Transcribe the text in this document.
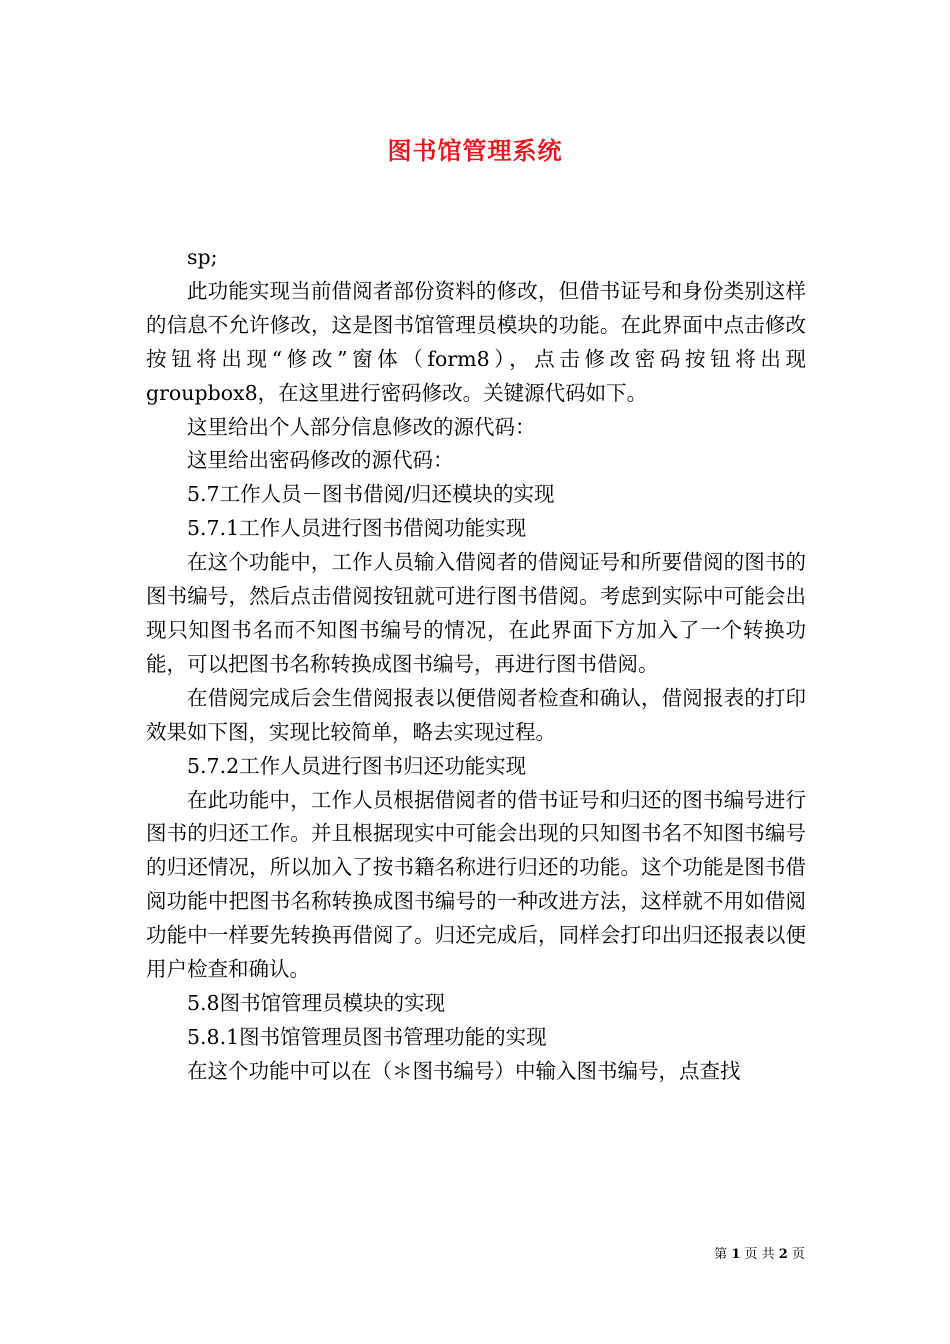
图书馆管理系统

sp;

此功能实现当前借阅者部份资料的修改，但借书证号和身份类别这样的信息不允许修改，这是图书馆管理员模块的功能。在此界面中点击修改按钮将出现“修改”窗体（form8），点击修改密码按钮将出现groupbox8，在这里进行密码修改。关键源代码如下。

这里给出个人部分信息修改的源代码：

这里给出密码修改的源代码：

5.7工作人员－图书借阅/归还模块的实现

5.7.1工作人员进行图书借阅功能实现

在这个功能中，工作人员输入借阅者的借阅证号和所要借阅的图书的图书编号，然后点击借阅按钮就可进行图书借阅。考虑到实际中可能会出现只知图书名而不知图书编号的情况，在此界面下方加入了一个转换功能，可以把图书名称转换成图书编号，再进行图书借阅。

在借阅完成后会生借阅报表以便借阅者检查和确认，借阅报表的打印效果如下图，实现比较简单，略去实现过程。

5.7.2工作人员进行图书归还功能实现

在此功能中，工作人员根据借阅者的借书证号和归还的图书编号进行图书的归还工作。并且根据现实中可能会出现的只知图书名不知图书编号的归还情况，所以加入了按书籍名称进行归还的功能。这个功能是图书借阅功能中把图书名称转换成图书编号的一种改进方法，这样就不用如借阅功能中一样要先转换再借阅了。归还完成后，同样会打印出归还报表以便用户检查和确认。

5.8图书馆管理员模块的实现

5.8.1图书馆管理员图书管理功能的实现

在这个功能中可以在（＊图书编号）中输入图书编号，点查找

第 1 页 共 2 页
